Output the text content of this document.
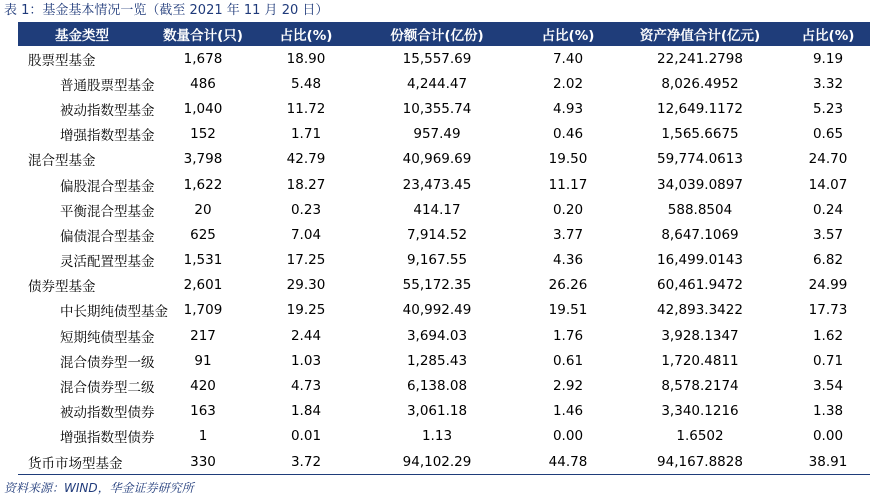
表 1：基金基本情况一览（截至 2021 年 11 月 20 日）
基金类型	数量合计(只)	占比(%)	份额合计(亿份)	占比(%)	资产净值合计(亿元)	占比(%)
股票型基金	1,678	18.90	15,557.69	7.40	22,241.2798	9.19
普通股票型基金	486	5.48	4,244.47	2.02	8,026.4952	3.32
被动指数型基金	1,040	11.72	10,355.74	4.93	12,649.1172	5.23
增强指数型基金	152	1.71	957.49	0.46	1,565.6675	0.65
混合型基金	3,798	42.79	40,969.69	19.50	59,774.0613	24.70
偏股混合型基金	1,622	18.27	23,473.45	11.17	34,039.0897	14.07
平衡混合型基金	20	0.23	414.17	0.20	588.8504	0.24
偏债混合型基金	625	7.04	7,914.52	3.77	8,647.1069	3.57
灵活配置型基金	1,531	17.25	9,167.55	4.36	16,499.0143	6.82
债券型基金	2,601	29.30	55,172.35	26.26	60,461.9472	24.99
中长期纯债型基金	1,709	19.25	40,992.49	19.51	42,893.3422	17.73
短期纯债型基金	217	2.44	3,694.03	1.76	3,928.1347	1.62
混合债券型一级	91	1.03	1,285.43	0.61	1,720.4811	0.71
混合债券型二级	420	4.73	6,138.08	2.92	8,578.2174	3.54
被动指数型债券	163	1.84	3,061.18	1.46	3,340.1216	1.38
增强指数型债券	1	0.01	1.13	0.00	1.6502	0.00
货币市场型基金	330	3.72	94,102.29	44.78	94,167.8828	38.91
资料来源：WIND，华金证券研究所
